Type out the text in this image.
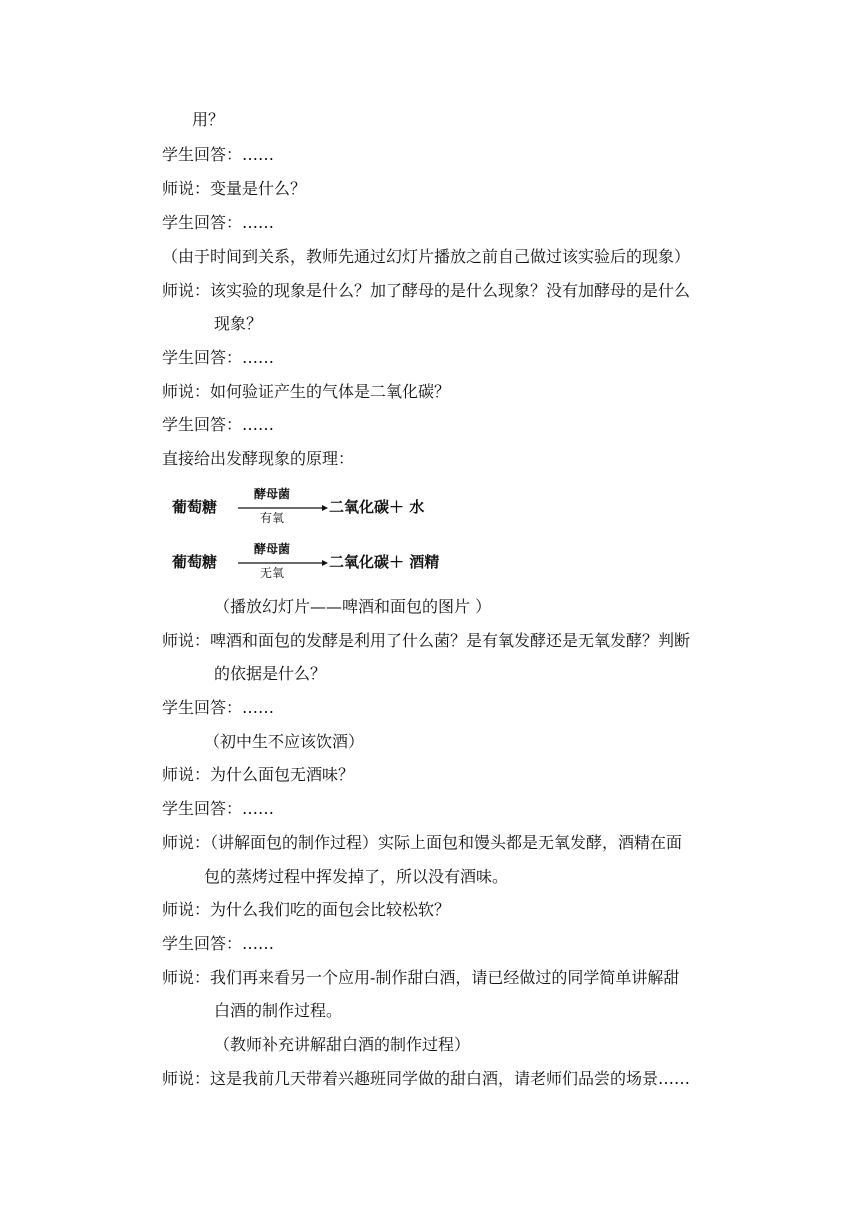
用？
学生回答：……
师说：变量是什么？
学生回答：……
（由于时间到关系，教师先通过幻灯片播放之前自己做过该实验后的现象）
师说：该实验的现象是什么？加了酵母的是什么现象？没有加酵母的是什么
现象？
学生回答：……
师说：如何验证产生的气体是二氧化碳？
学生回答：……
直接给出发酵现象的原理：
葡萄糖
酵母菌
有氧
二氧化碳＋ 水
葡萄糖
酵母菌
无氧
二氧化碳＋ 酒精
（播放幻灯片——啤酒和面包的图片 ）
师说：啤酒和面包的发酵是利用了什么菌？是有氧发酵还是无氧发酵？判断
的依据是什么？
学生回答：……
（初中生不应该饮酒）
师说：为什么面包无酒味？
学生回答：……
师说：（讲解面包的制作过程）实际上面包和馒头都是无氧发酵，酒精在面
包的蒸烤过程中挥发掉了，所以没有酒味。
师说：为什么我们吃的面包会比较松软？
学生回答：……
师说：我们再来看另一个应用-制作甜白酒，请已经做过的同学简单讲解甜
白酒的制作过程。
（教师补充讲解甜白酒的制作过程）
师说：这是我前几天带着兴趣班同学做的甜白酒，请老师们品尝的场景……
